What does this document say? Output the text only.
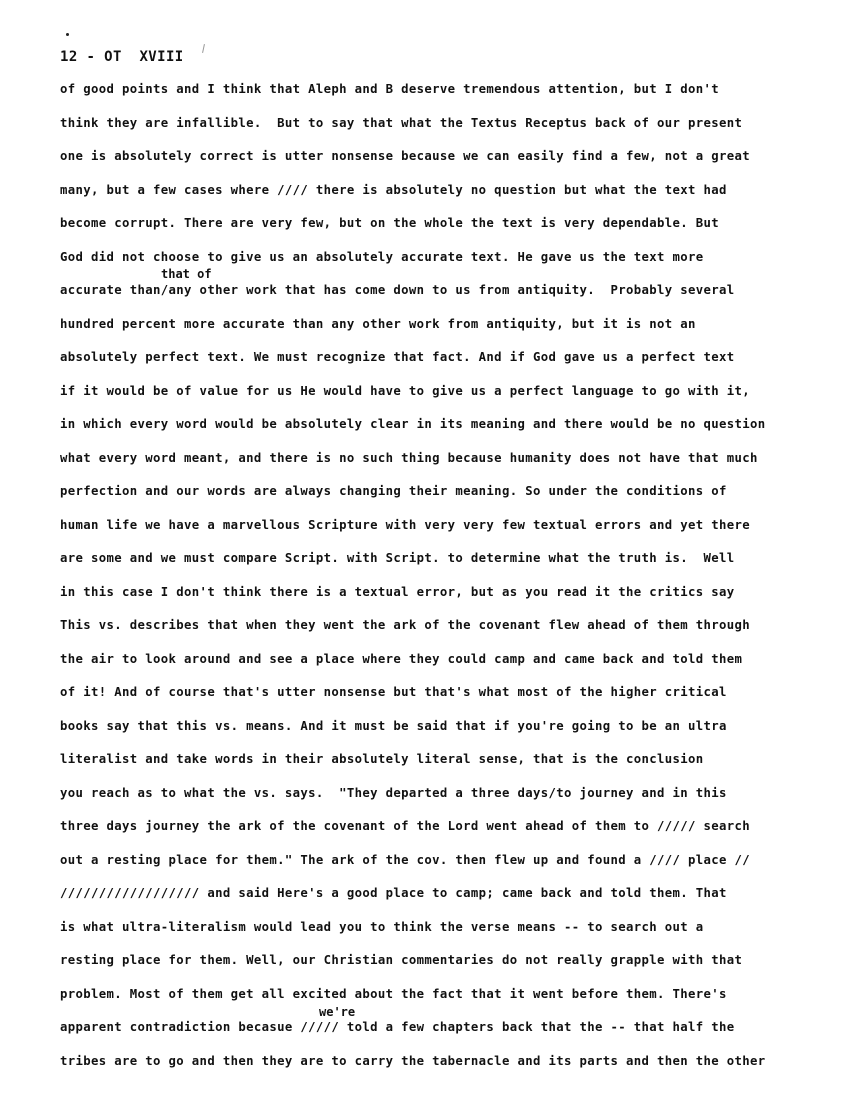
12 - OT  XVIII
that of
we're
of good points and I think that Aleph and B deserve tremendous attention, but I don't
think they are infallible.  But to say that what the Textus Receptus back of our present
one is absolutely correct is utter nonsense because we can easily find a few, not a great
many, but a few cases where ∕∕∕∕ there is absolutely no question but what the text had
become corrupt. There are very few, but on the whole the text is very dependable. But
God did not choose to give us an absolutely accurate text. He gave us the text more
accurate than/any other work that has come down to us from antiquity.  Probably several
hundred percent more accurate than any other work from antiquity, but it is not an
absolutely perfect text. We must recognize that fact. And if God gave us a perfect text
if it would be of value for us He would have to give us a perfect language to go with it,
in which every word would be absolutely clear in its meaning and there would be no question
what every word meant, and there is no such thing because humanity does not have that much
perfection and our words are always changing their meaning. So under the conditions of
human life we have a marvellous Scripture with very very few textual errors and yet there
are some and we must compare Script. with Script. to determine what the truth is.  Well
in this case I don't think there is a textual error, but as you read it the critics say
This vs. describes that when they went the ark of the covenant flew ahead of them through
the air to look around and see a place where they could camp and came back and told them
of it! And of course that's utter nonsense but that's what most of the higher critical
books say that this vs. means. And it must be said that if you're going to be an ultra
literalist and take words in their absolutely literal sense, that is the conclusion
you reach as to what the vs. says.  "They departed a three days/to journey and in this
three days journey the ark of the covenant of the Lord went ahead of them to ∕∕∕∕/ search
out a resting place for them." The ark of the cov. then flew up and found a ∕∕∕∕ place ∕∕
∕∕∕∕/∕∕∕/∕∕∕∕/∕∕∕∕ and said Here's a good place to camp; came back and told them. That
is what ultra-literalism would lead you to think the verse means -- to search out a
resting place for them. Well, our Christian commentaries do not really grapple with that
problem. Most of them get all excited about the fact that it went before them. There's
apparent contradiction becasue ∕∕∕∕∕ told a few chapters back that the -- that half the
tribes are to go and then they are to carry the tabernacle and its parts and then the other
